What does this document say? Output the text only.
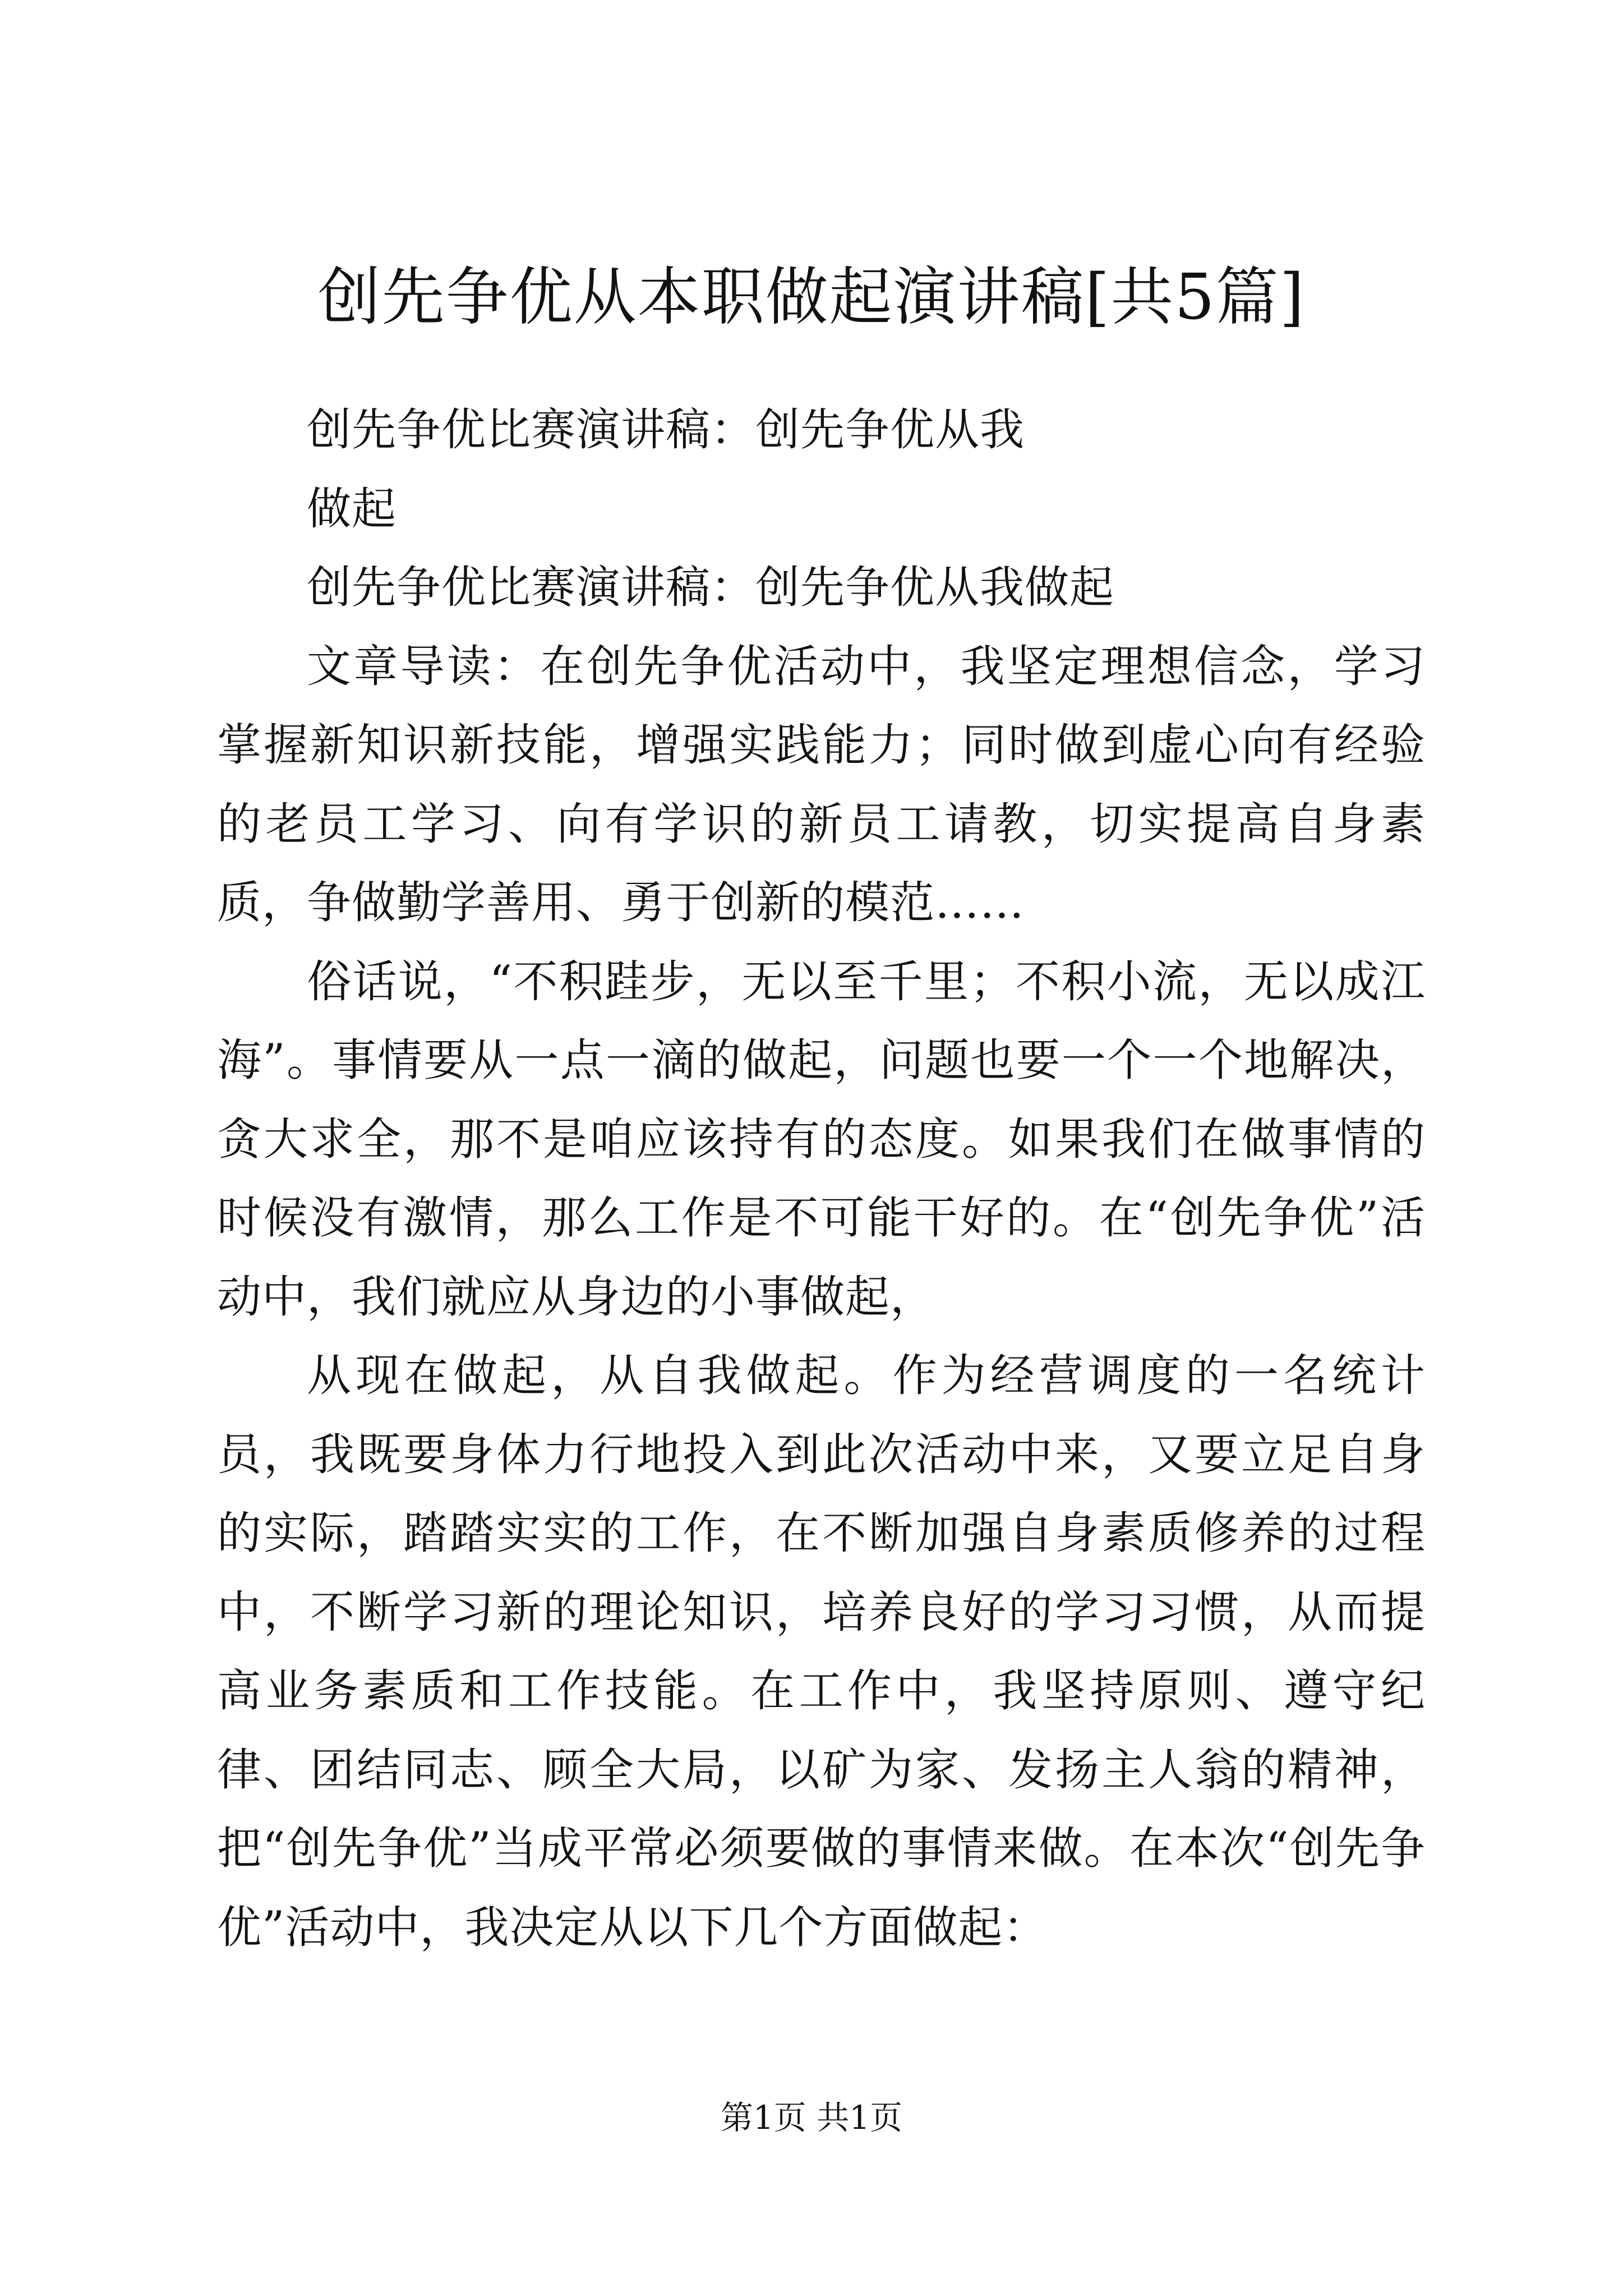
创先争优从本职做起演讲稿[共5篇]

创先争优比赛演讲稿：创先争优从我

做起

创先争优比赛演讲稿：创先争优从我做起

文章导读：在创先争优活动中，我坚定理想信念，学习掌握新知识新技能，增强实践能力；同时做到虚心向有经验的老员工学习、向有学识的新员工请教，切实提高自身素质，争做勤学善用、勇于创新的模范……

俗话说，“不积跬步，无以至千里；不积小流，无以成江海”。事情要从一点一滴的做起，问题也要一个一个地解决，贪大求全，那不是咱应该持有的态度。如果我们在做事情的时候没有激情，那么工作是不可能干好的。在“创先争优”活动中，我们就应从身边的小事做起，

从现在做起，从自我做起。作为经营调度的一名统计员，我既要身体力行地投入到此次活动中来，又要立足自身的实际，踏踏实实的工作，在不断加强自身素质修养的过程中，不断学习新的理论知识，培养良好的学习习惯，从而提高业务素质和工作技能。在工作中，我坚持原则、遵守纪律、团结同志、顾全大局，以矿为家、发扬主人翁的精神，把“创先争优”当成平常必须要做的事情来做。在本次“创先争优”活动中，我决定从以下几个方面做起：

第1页 共1页
